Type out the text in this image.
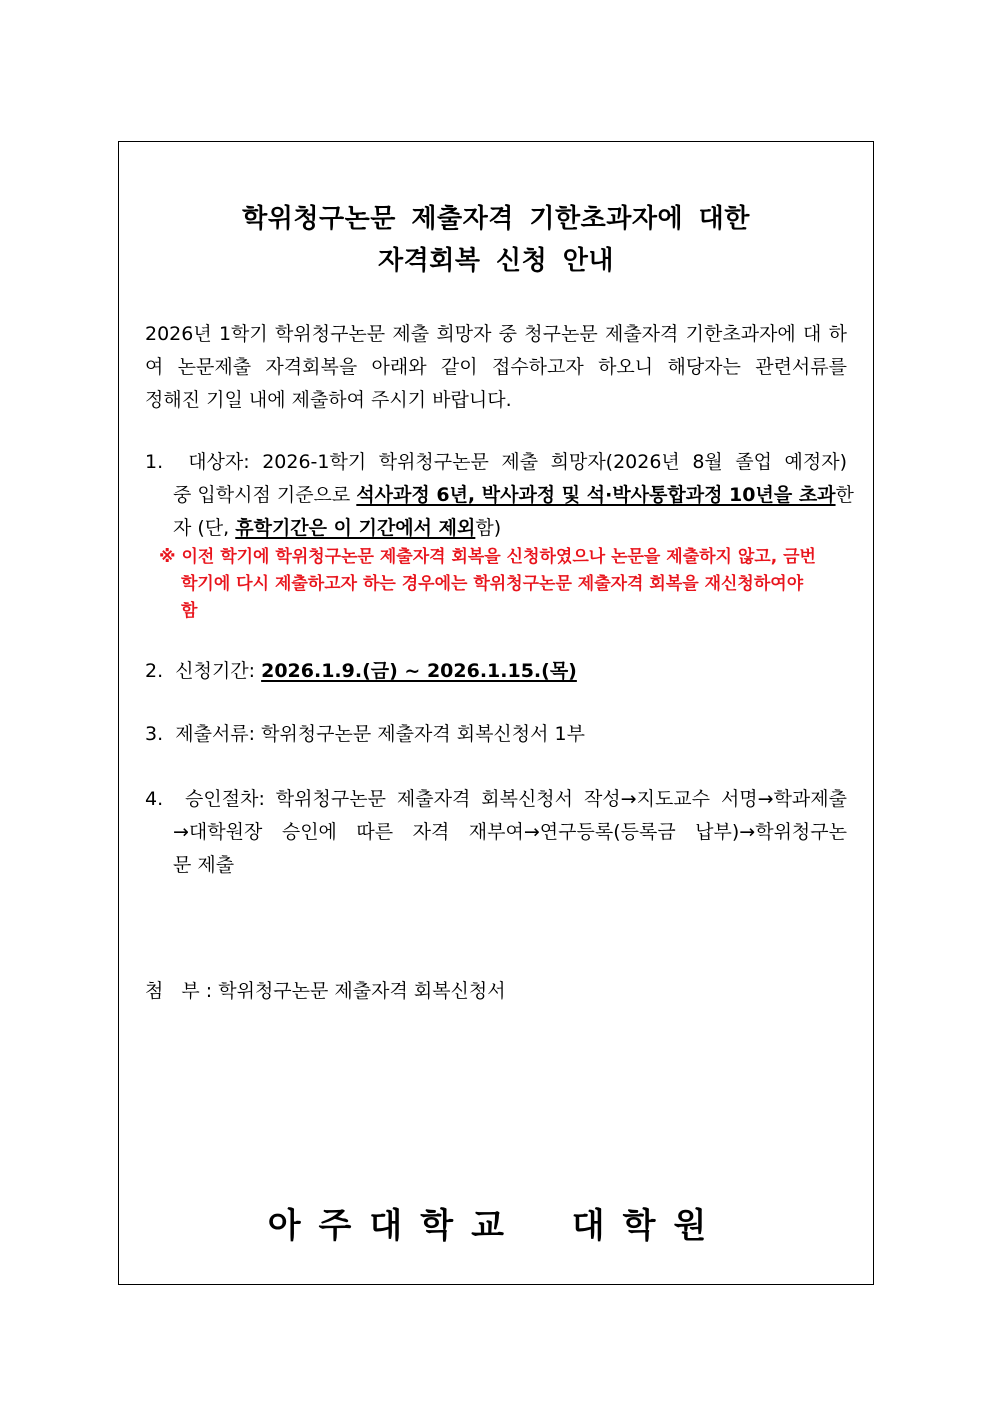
학위청구논문 제출자격 기한초과자에 대한
자격회복 신청 안내
2026년 1학기 학위청구논문 제출 희망자 중 청구논문 제출자격 기한초과자에 대 하여 논문제출 자격회복을 아래와 같이 접수하고자 하오니 해당자는 관련서류를
정해진 기일 내에 제출하여 주시기 바랍니다.
1. 대상자: 2026-1학기 학위청구논문 제출 희망자(2026년 8월 졸업 예정자)
중 입학시점 기준으로 석사과정 6년, 박사과정 및 석·박사통합과정 10년을 초과한
자 (단, 휴학기간은 이 기간에서 제외함)
※ 이전 학기에 학위청구논문 제출자격 회복을 신청하였으나 논문을 제출하지 않고, 금번
학기에 다시 제출하고자 하는 경우에는 학위청구논문 제출자격 회복을 재신청하여야
함
2. 신청기간: 2026.1.9.(금) ~ 2026.1.15.(목)
3. 제출서류: 학위청구논문 제출자격 회복신청서 1부
4. 승인절차: 학위청구논문 제출자격 회복신청서 작성→지도교수 서명→학과제출
→대학원장 승인에 따른 자격 재부여→연구등록(등록금 납부)→학위청구논
문 제출
첨 부 : 학위청구논문 제출자격 회복신청서
아주대학교 대학원
